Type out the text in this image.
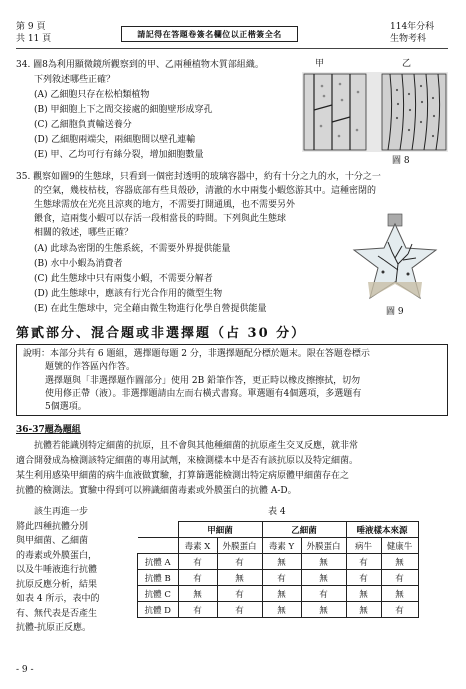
第 9 頁
共 11 頁	請記得在答題卷簽名欄位以正楷簽全名
114年分科
生物考科
34. 圖8為利用顯微鏡所觀察到的甲、乙兩種植物木質部組織。
下列敘述哪些正確？
(A) 乙細胞只存在松柏類植物
(B) 甲細胞上下之間交接處的細胞壁形成穿孔
(C) 乙細胞負責輸送養分
(D) 乙細胞兩端尖，兩細胞間以壁孔連輸
(E) 甲、乙均可行有絲分裂，增加細胞數量
甲	乙
圖 8
35. 觀察如圖9的生態球，只看到一個密封透明的玻璃容器中，約有十分之九的水，十分之一
的空氣，幾枝枯枝，容器底部有些貝殼砂，清澈的水中兩隻小蝦悠游其中。這種密閉的
生態球需放在光亮且涼爽的地方，不需要打開通風，也不需要另外
餵食，這兩隻小蝦可以存活一段相當長的時間。下列與此生態球
相關的敘述，哪些正確？
(A) 此球為密閉的生態系統，不需要外界提供能量
(B) 水中小蝦為消費者
(C) 此生態球中只有兩隻小蝦，不需要分解者
(D) 此生態球中，應該有行光合作用的微型生物
(E) 在此生態球中，完全藉由微生物進行化學自營提供能量	圖 9
第貳部分、混合題或非選擇題（占 30 分）

說明：本部分共有 6 題組，選擇題每題 2 分，非選擇題配分標於題末。限在答題卷標示

題號的作答區內作答。

選擇題與「非選擇題作圖部分」使用 2B 鉛筆作答，更正時以橡皮擦擦拭，切勿

使用修正帶（液）。非選擇題請由左而右橫式書寫。單選題有4個選項，多選題有

5個選項。

36-37題為題組
抗體若能識別特定細菌的抗原，且不會與其他種細菌的抗原產生交叉反應，就非常
適合開發成為檢測該特定細菌的專用試劑，來檢測樣本中是否有該抗原以及特定細菌。
某生利用感染甲細菌的病牛血液做實驗，打算篩選能檢測出特定病原體甲細菌存在之
抗體的檢測法。實驗中得到可以辨識細菌毒素或外膜蛋白的抗體 A-D。
該生再進一步
將此四種抗體分別
與甲細菌、乙細菌
的毒素或外膜蛋白，
以及牛唾液進行抗體
抗原反應分析，結果
如表 4 所示，表中的
有、無代表是否產生
抗體-抗原正反應。
表 4
	甲細菌		乙細菌		唾液樣本來源	
	毒素 X	外膜蛋白	毒素 Y	外膜蛋白	病牛	健康牛
抗體 A	有	有	無	無	有	無
抗體 B	有	無	有	無	有	有
抗體 C	無	有	無	有	無	無
抗體 D	有	有	無	無	無	有
- 9 -
